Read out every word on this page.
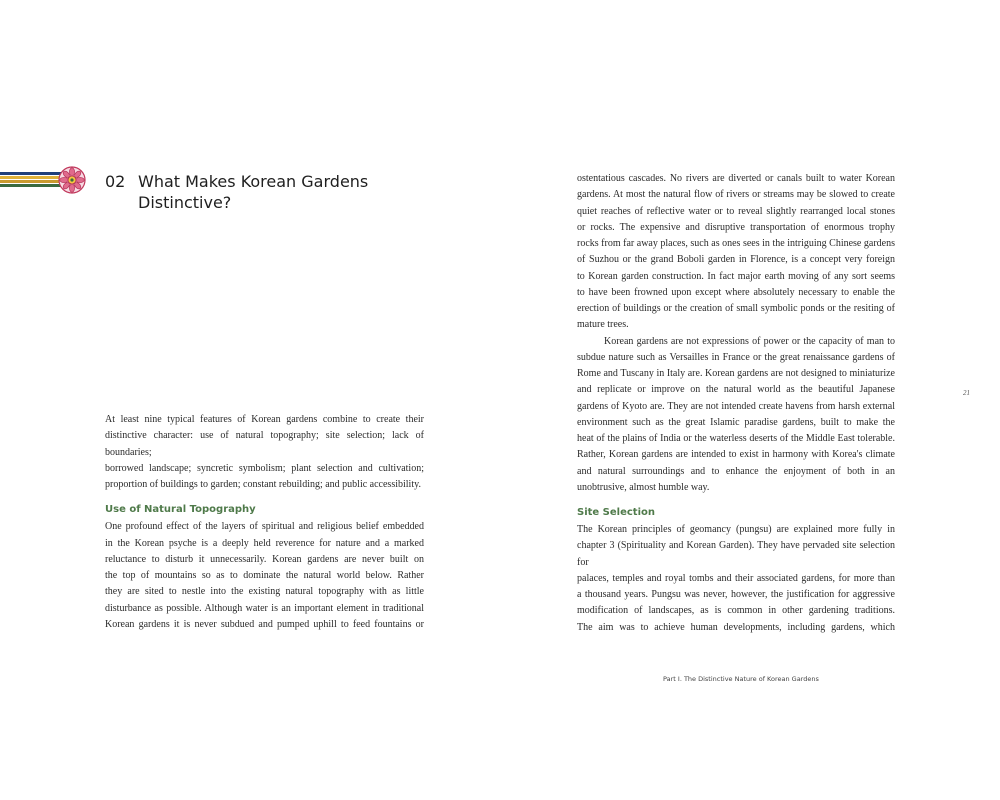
02 What Makes Korean Gardens
Distinctive?

At least nine typical features of Korean gardens combine to create their

distinctive character: use of natural topography; site selection; lack of boundaries;

borrowed landscape; syncretic symbolism; plant selection and cultivation;

proportion of buildings to garden; constant rebuilding; and public accessibility.

Use of Natural Topography

One profound effect of the layers of spiritual and religious belief embedded

in the Korean psyche is a deeply held reverence for nature and a marked

reluctance to disturb it unnecessarily. Korean gardens are never built on

the top of mountains so as to dominate the natural world below. Rather

they are sited to nestle into the existing natural topography with as little

disturbance as possible. Although water is an important element in traditional

Korean gardens it is never subdued and pumped uphill to feed fountains or

ostentatious cascades. No rivers are diverted or canals built to water Korean

gardens. At most the natural flow of rivers or streams may be slowed to create

quiet reaches of reflective water or to reveal slightly rearranged local stones

or rocks. The expensive and disruptive transportation of enormous trophy

rocks from far away places, such as ones sees in the intriguing Chinese gardens

of Suzhou or the grand Boboli garden in Florence, is a concept very foreign

to Korean garden construction. In fact major earth moving of any sort seems

to have been frowned upon except where absolutely necessary to enable the

erection of buildings or the creation of small symbolic ponds or the resiting of

mature trees.

Korean gardens are not expressions of power or the capacity of man to

subdue nature such as Versailles in France or the great renaissance gardens of

Rome and Tuscany in Italy are. Korean gardens are not designed to miniaturize

and replicate or improve on the natural world as the beautiful Japanese

gardens of Kyoto are. They are not intended create havens from harsh external

environment such as the great Islamic paradise gardens, built to make the

heat of the plains of India or the waterless deserts of the Middle East tolerable.

Rather, Korean gardens are intended to exist in harmony with Korea's climate

and natural surroundings and to enhance the enjoyment of both in an

unobtrusive, almost humble way.

Site Selection

The Korean principles of geomancy (pungsu) are explained more fully in

chapter 3 (Spirituality and Korean Garden). They have pervaded site selection for

palaces, temples and royal tombs and their associated gardens, for more than

a thousand years. Pungsu was never, however, the justification for aggressive

modification of landscapes, as is common in other gardening traditions.

The aim was to achieve human developments, including gardens, which

21
Part I. The Distinctive Nature of Korean Gardens
